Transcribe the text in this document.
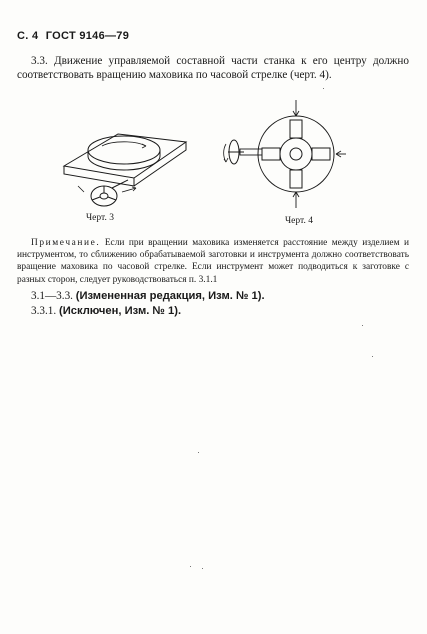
С. 4 ГОСТ 9146—79
3.3. Движение управляемой составной части станка к его центру должно соответствовать вращению маховика по часовой стрелке (черт. 4).
Черт. 3	Черт. 4
Примечание. Если при вращении маховика изменяется расстояние между изделием и инструментом, то сближению обрабатываемой заготовки и инструмента должно соответствовать вращение маховика по часовой стрелке. Если инструмент может подводиться к заготовке с разных сторон, следует руководствоваться п. 3.1.1
3.1—3.3. (Измененная редакция, Изм. № 1).
3.3.1. (Исключен, Изм. № 1).
